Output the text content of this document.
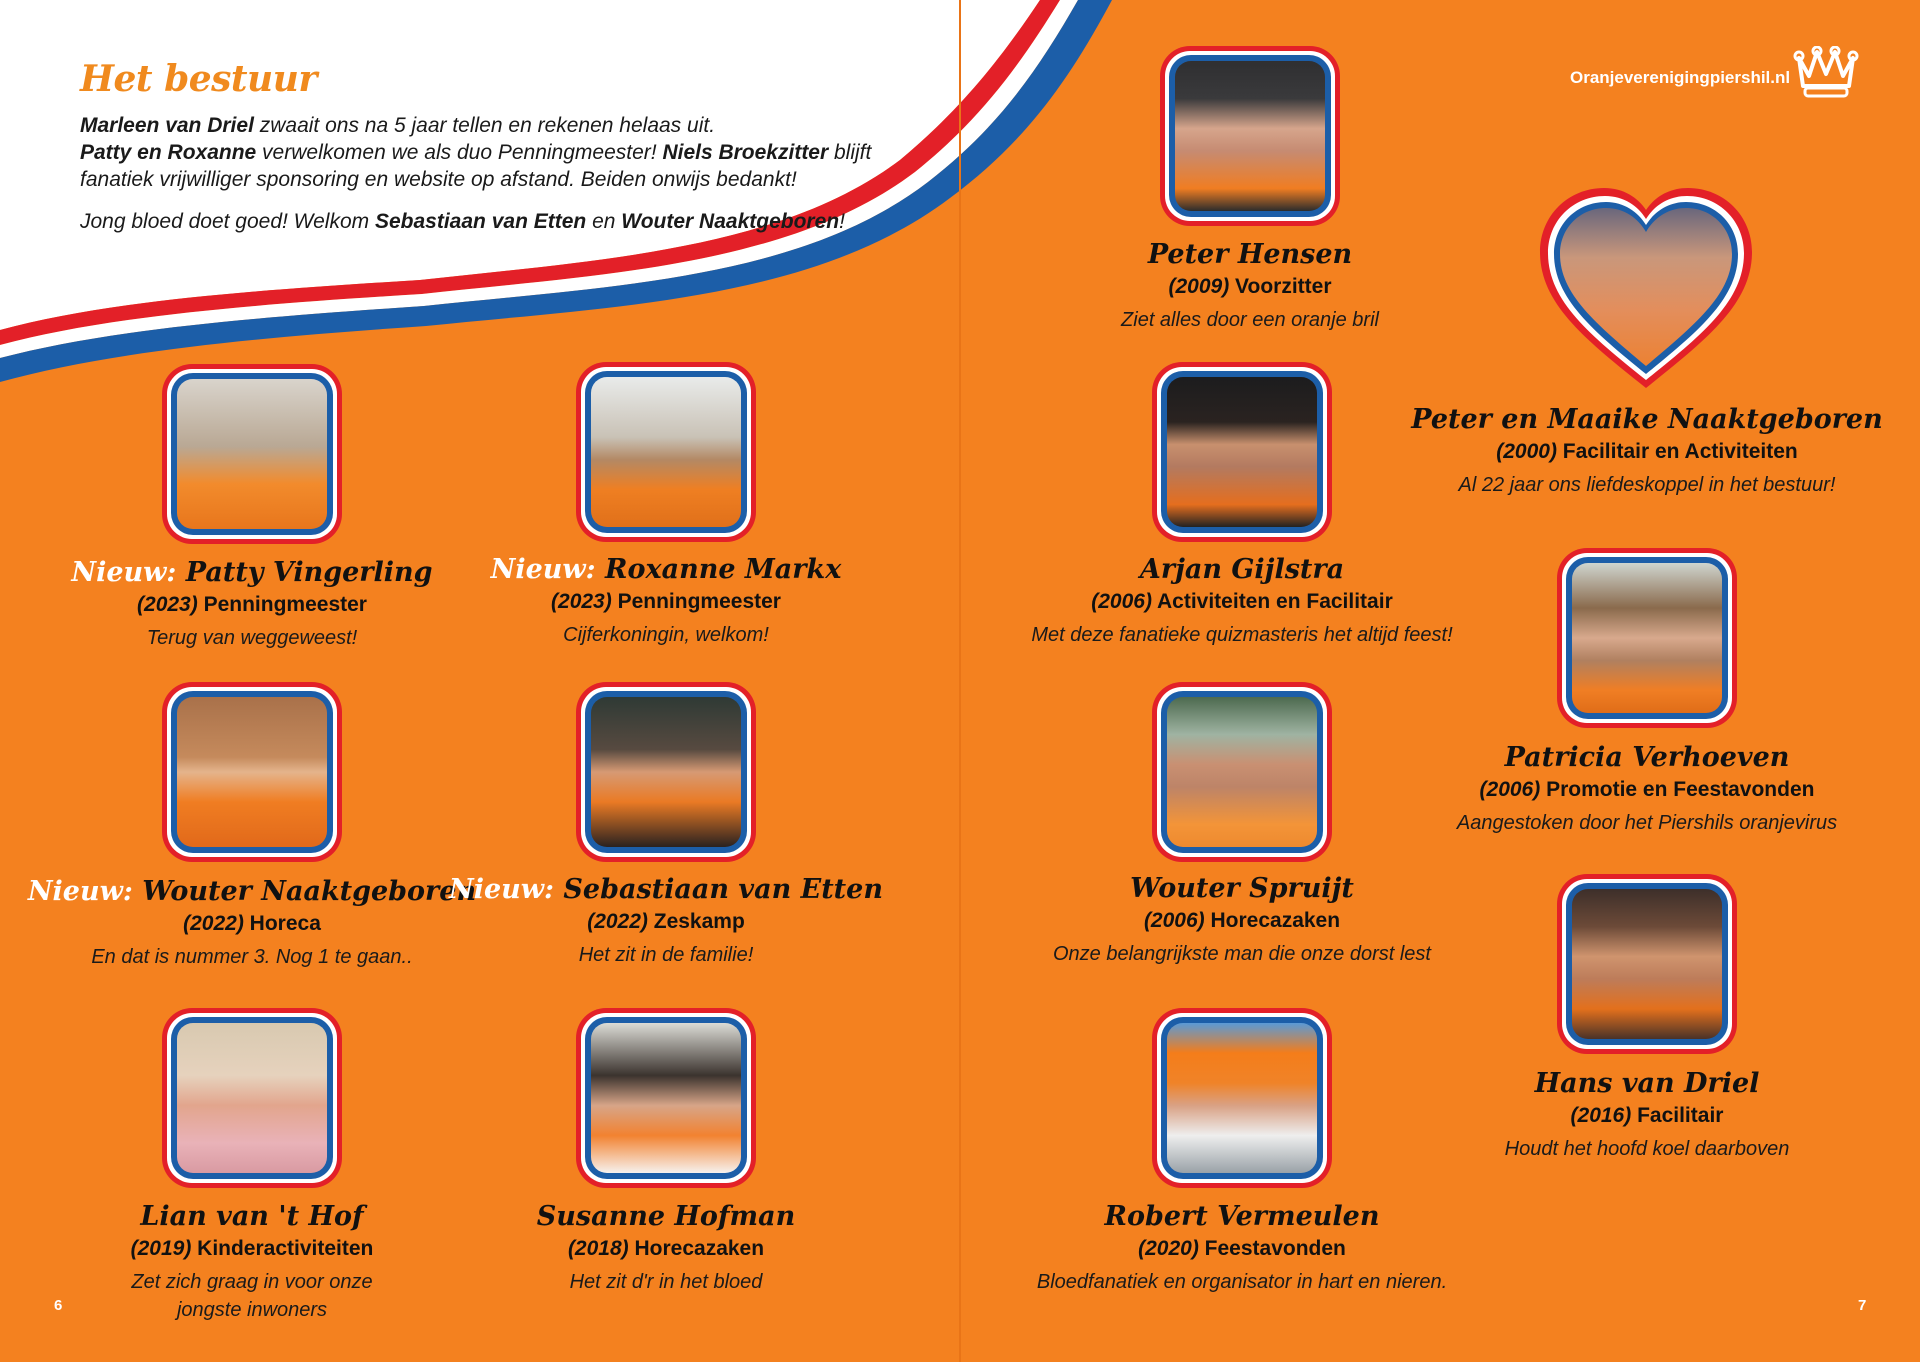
Het bestuur

Marleen van Driel zwaait ons na 5 jaar tellen en rekenen helaas uit.
Patty en Roxanne verwelkomen we als duo Penningmeester! Niels Broekzitter blijft fanatiek vrijwilliger sponsoring en website op afstand. Beiden onwijs bedankt!

Jong bloed doet goed! Welkom Sebastiaan van Etten en Wouter Naaktgeboren!

Oranjeverenigingpiershil.nl
Nieuw: Patty Vingerling
(2023) Penningmeester
Terug van weggeweest!
Nieuw: Roxanne Markx
(2023) Penningmeester
Cijferkoningin, welkom!
Nieuw: Wouter Naaktgeboren
(2022) Horeca
En dat is nummer 3. Nog 1 te gaan..
Nieuw: Sebastiaan van Etten
(2022) Zeskamp
Het zit in de familie!
Lian van 't Hof
(2019) Kinderactiviteiten
Zet zich graag in voor onze
jongste inwoners
Susanne Hofman
(2018) Horecazaken
Het zit d'r in het bloed
Peter Hensen
(2009) Voorzitter
Ziet alles door een oranje bril
Arjan Gijlstra
(2006) Activiteiten en Facilitair
Met deze fanatieke quizmasteris het altijd feest!
Wouter Spruijt
(2006) Horecazaken
Onze belangrijkste man die onze dorst lest
Robert Vermeulen
(2020) Feestavonden
Bloedfanatiek en organisator in hart en nieren.
Peter en Maaike Naaktgeboren
(2000) Facilitair en Activiteiten
Al 22 jaar ons liefdeskoppel in het bestuur!
Patricia Verhoeven
(2006) Promotie en Feestavonden
Aangestoken door het Piershils oranjevirus
Hans van Driel
(2016) Facilitair
Houdt het hoofd koel daarboven
6	7
